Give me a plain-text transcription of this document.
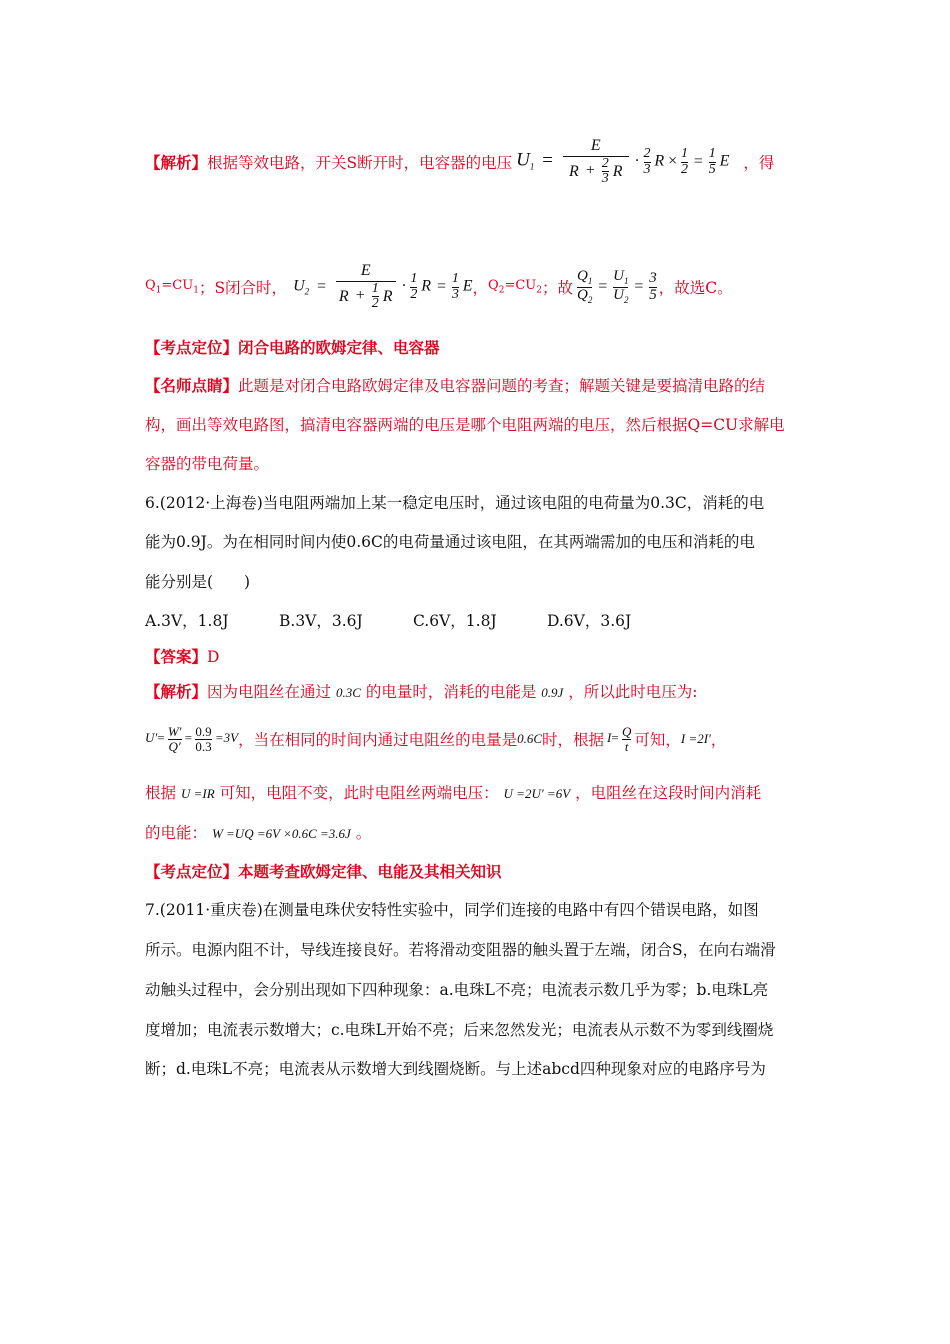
【解析】 根据等效电路，开关S断开时，电容器的电压 $U_1 = \frac{E}{R + \frac{2}{3} R} \cdot \frac{2}{3}$ $R \times \frac{1}{2} = \frac{1}{5}$ E ，得
$Q_1=CU_1$ ；S闭合时， $U_2 = \frac{E}{R + \frac{1}{2} R} \cdot \frac{1}{2}$ $R = \frac{1}{3}$ E ， $Q_2=CU_2$ ；故 $\frac{Q_1}{Q_2} = \frac{U_1}{U_2} = \frac{3}{5}$ ，故选C。
【考点定位】闭合电路的欧姆定律、电容器
【名师点睛】此题是对闭合电路欧姆定律及电容器问题的考查；解题关键是要搞清电路的结
构，画出等效电路图，搞清电容器两端的电压是哪个电阻两端的电压，然后根据Q=CU求解电
容器的带电荷量。
6.(2012·上海卷)当电阻两端加上某一稳定电压时，通过该电阻的电荷量为0.3C，消耗的电
能为0.9J。为在相同时间内使0.6C的电荷量通过该电阻，在其两端需加的电压和消耗的电
能分别是(　　)
A.3V，1.8J	B.3V，3.6J	C.6V，1.8J	D.6V，3.6J
【答案】D
【解析】因为电阻丝在通过 0.3C 的电量时，消耗的电能是 0.9J ，所以此时电压为:
$U'= \frac{W'}{Q'} = \frac{0.9}{0.3} =3V$ ，当在相同的时间内通过电阻丝的电量是 0.6C 时，根据 $I= \frac{Q}{t}$ 可知， I =2I′ ，
根据 U =IR 可知，电阻不变，此时电阻丝两端电压： U =2U′ =6V ，电阻丝在这段时间内消耗
的电能： W =UQ =6V ×0.6C =3.6J 。
【考点定位】本题考查欧姆定律、电能及其相关知识
7.(2011·重庆卷)在测量电珠伏安特性实验中，同学们连接的电路中有四个错误电路，如图
所示。电源内阻不计，导线连接良好。若将滑动变阻器的触头置于左端，闭合S，在向右端滑
动触头过程中，会分别出现如下四种现象：a.电珠L不亮；电流表示数几乎为零；b.电珠L亮
度增加；电流表示数增大；c.电珠L开始不亮；后来忽然发光；电流表从示数不为零到线圈烧
断；d.电珠L不亮；电流表从示数增大到线圈烧断。与上述abcd四种现象对应的电路序号为
